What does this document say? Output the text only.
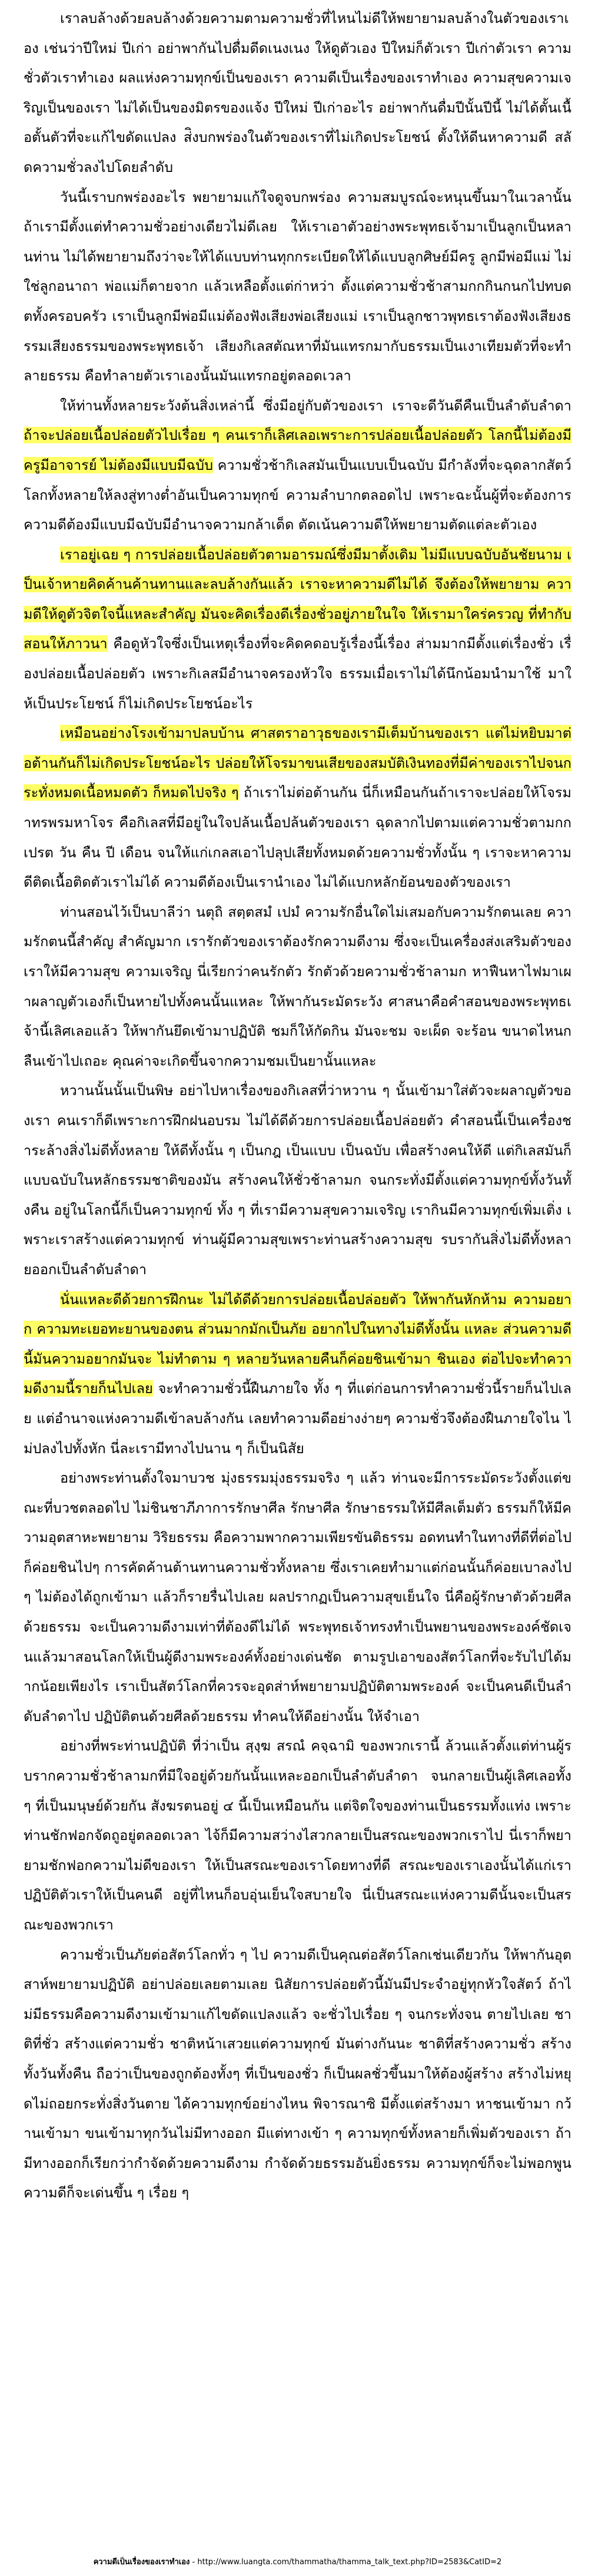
เราลบล้างด้วยลบล้างด้วยความตามความชั่วที่ไหนไม่ดีให้พยายามลบล้างในตัวของเราเอง เช่นว่าปีใหม่ ปีเก่า อย่าพากันไปดื่มดีดเนงเนง ให้ดูตัวเอง ปีใหม่ก็ตัวเรา ปีเก่าตัวเรา ความชั่วตัวเราทำเอง ผลแห่งความทุกข์เป็นของเรา ความดีเป็นเรื่องของเราทำเอง ความสุขความเจริญเป็นของเรา ไม่ได้เป็นของมิตรของแจ้ง ปีใหม่ ปีเก่าอะไร อย่าพากันดื่มปีนั้นปีนี้ ไม่ได้ตั้นเนื้อตั้นตัวที่จะแก้ไขดัดแปลง ส่ิงบกพร่องในตัวของเราที่ไม่เกิดประโยชน์ ตั้งให้ดีนหาความดี สลัดความชั่วลงไปโดยลำดับ

วันนี้เราบกพร่องอะไร พยายามแก้ใจดูจบกพร่อง ความสมบูรณ์จะหนุนขึ้นมาในเวลานั้น ถ้าเรามีตั้งแต่ทำความชั่วอย่างเดียวไม่ดีเลย ให้เราเอาตัวอย่างพระพุทธเจ้ามาเป็นลูกเป็นหลานท่าน ไม่ได้พยายามถึงว่าจะให้ได้แบบท่านทุกกระเบียดให้ได้แบบลูกศิษย์มีครู ลูกมีพ่อมีแม่ ไม่ใช่ลูกอนาถา พ่อแม่ก็ตายจาก แล้วเหลือตั้งแต่ก่าหว่า ตั้งแต่ความชั่วช้าสามกกกินกนกไปทบดตทั้งครอบครัว เราเป็นลูกมีพ่อมีแม่ต้องฟังเสียงพ่อเสียงแม่ เราเป็นลูกชาวพุทธเราต้องฟังเสียงธรรมเสียงธรรมของพระพุทธเจ้า เสียงกิเลสตัณหาที่มันแทรกมากับธรรมเป็นเงาเทียมตัวที่จะทำลายธรรม คือทำลายตัวเราเองนั้นมันแทรกอยู่ตลอดเวลา

ให้ท่านทั้งหลายระวังต้นสิ่งเหล่านี้ ซึ่งมีอยู่กับตัวของเรา เราจะดีวันดีคืนเป็นลำดับลำดา ถ้าจะปล่อยเนื้อปล่อยตัวไปเรื่อย ๆ คนเราก็เลิศเลอเพราะการปล่อยเนื้อปล่อยตัว โลกนี้ไม่ต้องมีครูมีอาจารย์ ไม่ต้องมีแบบมีฉบับ ความชั่วช้ากิเลสมันเป็นแบบเป็นฉบับ มีกำลังที่จะฉุดลากสัตว์โลกทั้งหลายให้ลงสู่ทางต่ำอันเป็นความทุกข์ ความลำบากตลอดไป เพราะฉะนั้นผู้ที่จะต้องการความดีต้องมีแบบมีฉบับมีอำนาจความกล้าเด็ด ตัดเน้นความดีให้พยายามตัดแต่ละตัวเอง

เราอยู่เฉย ๆ การปล่อยเนื้อปล่อยตัวตามอารมณ์ซึ่งมีมาตั้งเดิม ไม่มีแบบฉบับอันชัยนาม เป็นเจ้าหายคิดค้านค้านทานและลบล้างกันแล้ว เราจะหาความดีไม่ได้ จึงต้องให้พยายาม ความดีให้ดูตัวจิตใจนี้แหละสำคัญ มันจะคิดเรื่องดีเรื่องชั่วอยู่ภายในใจ ให้เรามาใคร่ครวญ ที่ทำกับสอนให้ภาวนา คือดูหัวใจซึ่งเป็นเหตุเรื่องที่จะคิดคดอบรู้เรื่องนี้เรื่อง ส่ามมากมีตั้งแต่เรื่องชั่ว เรื่องปล่อยเนื้อปล่อยตัว เพราะกิเลสมีอำนาจครองหัวใจ ธรรมเมื่อเราไม่ได้นึกน้อมนำมาใช้ มาให้เป็นประโยชน์ ก็ไม่เกิดประโยชน์อะไร

เหมือนอย่างโรงเข้ามาปลบบ้าน ศาสตราอาวุธของเรามีเต็มบ้านของเรา แต่ไม่หยิบมาต่อต้านกันก็ไม่เกิดประโยชน์อะไร ปล่อยให้โจรมาขนเสียของสมบัติเงินทองที่มีค่าของเราไปจนกระทั่งหมดเนื้อหมดตัว ก็หมดไปจริง ๆ ถ้าเราไม่ต่อต้านกัน นี่ก็เหมือนกันถ้าเราจะปล่อยให้โจรมาทรพรมหาโจร คือกิเลสที่มีอยู่ในใจปล้นเนื้อปล้นตัวของเรา ฉุดลากไปตามแต่ความชั่วตามกกเปรต วัน คืน ปี เดือน จนให้แก่เกลสเอาไปลุปเสียทั้งหมดด้วยความชั่วทั้งนั้น ๆ เราจะหาความดีติดเนื้อติดตัวเราไม่ได้ ความดีต้องเป็นเรานำเอง ไม่ได้แบกหลักย้อนของตัวของเรา

ท่านสอนไว้เป็นบาลีว่า นตุถิ สตฺตสมํ เปมํ ความรักอื่นใดไม่เสมอกับความรักตนเลย ความรักตนนี้สำคัญ สำคัญมาก เรารักตัวของเราต้องรักความดีงาม ซึ่งจะเป็นเครื่องส่งเสริมตัวของเราให้มีความสุข ความเจริญ นี่เรียกว่าคนรักตัว รักตัวด้วยความชั่วช้าลามก หาฟืนหาไฟมาเผาผลาญตัวเองก็เป็นหายไปทั้งคนนั้นแหละ ให้พากันระมัดระวัง ศาสนาคือคำสอนของพระพุทธเจ้านี้เลิศเลอแล้ว ให้พากันยึดเข้ามาปฏิบัติ ชมก็ให้กัดกิน มันจะชม จะเผ็ด จะร้อน ขนาดไหนกลืนเข้าไปเถอะ คุณค่าจะเกิดขึ้นจากความชมเป็นยานั้นแหละ

หวานนั้นนั้นเป็นพิษ อย่าไปหาเรื่องของกิเลสที่ว่าหวาน ๆ นั้นเข้ามาใส่ตัวจะผลาญตัวของเรา คนเราก็ดีเพราะการฝึกฝนอบรม ไม่ได้ดีด้วยการปล่อยเนื้อปล่อยตัว คำสอนนี้เป็นเครื่องชำระล้างสิ่งไม่ดีทั้งหลาย ให้ดีทั้งนั้น ๆ เป็นกฎ เป็นแบบ เป็นฉบับ เพื่อสร้างคนให้ดี แต่กิเลสมันก็แบบฉบับในหลักธรรมชาติของมัน สร้างคนให้ชั่วช้าลามก จนกระทั่งมีตั้งแต่ความทุกข์ทั้งวันทั้งคืน อยู่ในโลกนี้ก็เป็นความทุกข์ ทั้ง ๆ ที่เรามีความสุขความเจริญ เรากินมีความทุกข์เพิ่มเติ่ง เพราะเราสร้างแต่ความทุกข์ ท่านผู้มีความสุขเพราะท่านสร้างความสุข รบรากันสิ่งไม่ดีทั้งหลายออกเป็นลำดับลำดา

นั่นแหละดีด้วยการฝึกนะ ไม่ได้ดีด้วยการปล่อยเนื้อปล่อยตัว ให้พากันหักห้าม ความอยาก ความทะเยอทะยานของตน ส่วนมากมักเป็นภัย อยากไปในทางไม่ดีทั้งนั้น แหละ ส่วนความดีนี้มันความอยากมันจะ ไม่ทำตาม ๆ หลายวันหลายคืนก็ค่อยชินเข้ามา ชินเอง ต่อไปจะทำความดีงามนี้รายก็นไปเลย จะทำความชั่วนี้ฝืนภายใจ ทั้ง ๆ ที่แต่ก่อนการทำความชั่วนี้รายก็นไปเลย แต่อำนาจแห่งความดีเข้าลบล้างกัน เลยทำความดีอย่างง่ายๆ ความชั่วจึงต้องฝืนภายใจไน ไม่ปลงไปทั้งหัก นี่ละเรามีทางไปนาน ๆ ก็เป็นนิสัย

อย่างพระท่านตั้งใจมาบวช มุ่งธรรมมุ่งธรรมจริง ๆ แล้ว ท่านจะมีการระมัดระวังตั้งแต่ขณะที่บวชตลอดไป ไม่ชินชาภีภาการรักษาศีล รักษาศีล รักษาธรรมให้มีศีลเต็มตัว ธรรมก็ให้มีความอุตสาหะพยายาม วิริยธรรม คือความพากความเพียรขันติธรรม อดทนทำในทางที่ดีที่ต่อไปก็ค่อยชินไปๆ การคัดค้านต้านทานความชั่วทั้งหลาย ซึ่งเราเคยทำมาแต่ก่อนนั้นก็ค่อยเบาลงไป ๆ ไม่ต้องได้ถูกเข้ามา แล้วก็รายรื่นไปเลย ผลปรากฏเป็นความสุขเย็นใจ นี่คือผู้รักษาตัวด้วยศีลด้วยธรรม จะเป็นความดีงามเท่าที่ต้องดีไม่ได้ พระพุทธเจ้าทรงทำเป็นพยานของพระองค์ชัดเจนแล้วมาสอนโลกให้เป็นผู้ดีงามพระองค์ทั้งอย่างเด่นชัด ตามรูปเอาของสัตว์โลกที่จะรับไปได้มากน้อยเพียงไร เราเป็นสัตว์โลกที่ควรจะอุดส่าห์พยายามปฏิบัติตามพระองค์ จะเป็นคนดีเป็นลำดับลำดาไป ปฏิบัติตนด้วยศีลด้วยธรรม ทำคนให้ดีอย่างนั้น ให้จำเอา

อย่างที่พระท่านปฏิบัติ ที่ว่าเป็น สฺงฺฆ สรณํ คจฺฉามิ ของพวกเรานี้ ล้วนแล้วตั้งแต่ท่านผู้รบรากความชั่วช้าลามกที่มีใจอยู่ด้วยกันนั้นแหละออกเป็นลำดับลำดา จนกลายเป็นผู้เลิศเลอทั้ง ๆ ที่เป็นมนุษย์ด้วยกัน สังฆรตนอยู่ ๔ นี้เป็นเหมือนกัน แต่จิตใจของท่านเป็นธรรมทั้งแท่ง เพราะท่านชักฟอกจัดถูอยู่ตลอดเวลา ไจ้ก็มีความสว่างไสวกลายเป็นสรณะของพวกเราไป นี่เราก็พยายามชักฟอกความไม่ดีของเรา ให้เป็นสรณะของเราโดยทางที่ดี สรณะของเราเองนั้นได้แก่เราปฏิบัติตัวเราให้เป็นคนดี อยู่ที่ไหนก็อบอุ่นเย็นใจสบายใจ นี่เป็นสรณะแห่งความดีนั้นจะเป็นสรณะของพวกเรา

ความชั่วเป็นภัยต่อสัตว์โลกทั่ว ๆ ไป ความดีเป็นคุณต่อสัตว์โลกเช่นเดียวกัน ให้พากันอุตสาห์พยายามปฏิบัติ อย่าปล่อยเลยตามเลย นิสัยการปล่อยตัวนี้มันมีประจำอยู่ทุกหัวใจสัตว์ ถ้าไม่มีธรรมคือความดีงามเข้ามาแก้ไขดัดแปลงแล้ว จะชั่วไปเรื่อย ๆ จนกระทั่งจน ตายไปเลย ชาติที่ชั่ว สร้างแต่ความชั่ว ชาติหน้าเสวยแต่ความทุกข์ มันต่างกันนะ ชาติที่สร้างความชั่ว สร้างทั้งวันทั้งคืน ถือว่าเป็นของถูกต้องทั้งๆ ที่เป็นของชั่ว ก็เป็นผลชั่วขึ้นมาให้ต้องผู้สร้าง สร้างไม่หยุดไม่ถอยกระทั่งสิ่งวันตาย ได้ความทุกข์อย่างไหน พิจารณาซิ มีตั้งแต่สร้างมา หาชนเข้ามา กว้านเข้ามา ขนเข้ามาทุกวันไม่มีทางออก มีแต่ทางเข้า ๆ ความทุกข์ทั้งหลายก็เพิ่มตัวของเรา ถ้ามีทางออกก็เรียกว่ากำจัดด้วยความดีงาม กำจัดด้วยธรรมอันยิ่งธรรม ความทุกข์ก็จะไม่พอกพูน ความดีก็จะเด่นขึ้น ๆ เรื่อย ๆ

ความดีเป็นเรื่องของเราทำเอง - http://www.luangta.com/thammatha/thamma_talk_text.php?ID=2583&CatID=2
